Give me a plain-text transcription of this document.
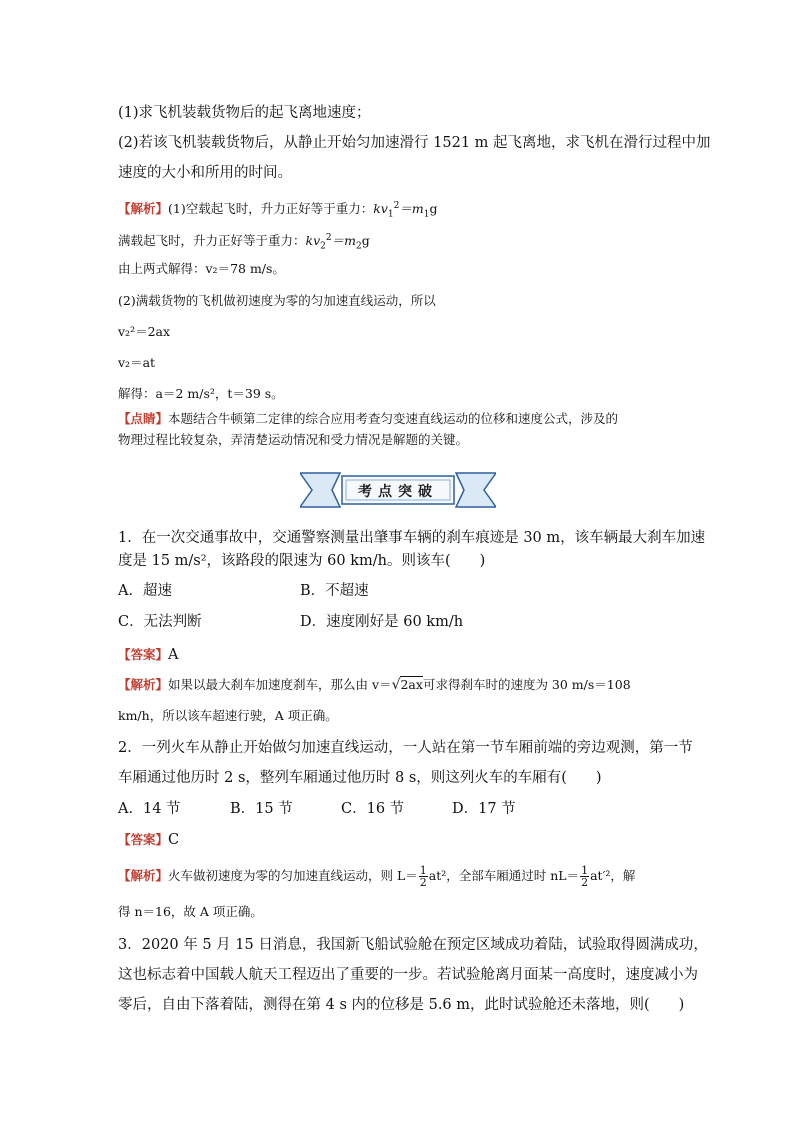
(1)求飞机装载货物后的起飞离地速度；
(2)若该飞机装载货物后，从静止开始匀加速滑行 1521 m 起飞离地，求飞机在滑行过程中加
速度的大小和所用的时间。
【解析】(1)空载起飞时，升力正好等于重力：$kv_1^2=m_1g$
满载起飞时，升力正好等于重力：$kv_2^2=m_2g$
由上两式解得：v₂＝78 m/s。
(2)满载货物的飞机做初速度为零的匀加速直线运动，所以
v₂²＝2ax
v₂＝at
解得：a＝2 m/s²，t＝39 s。
【点睛】本题结合牛顿第二定律的综合应用考查匀变速直线运动的位移和速度公式，涉及的
物理过程比较复杂，弄清楚运动情况和受力情况是解题的关键。
考点突破
1．在一次交通事故中，交通警察测量出肇事车辆的刹车痕迹是 30 m，该车辆最大刹车加速
度是 15 m/s²，该路段的限速为 60 km/h。则该车(　　)
A．超速	B．不超速
C．无法判断	D．速度刚好是 60 km/h
【答案】A
【解析】如果以最大刹车加速度刹车，那么由 v＝√2ax可求得刹车时的速度为 30 m/s＝108
km/h，所以该车超速行驶，A 项正确。
2．一列火车从静止开始做匀加速直线运动，一人站在第一节车厢前端的旁边观测，第一节
车厢通过他历时 2 s，整列车厢通过他历时 8 s，则这列火车的车厢有(　　)
A．14 节	B．15 节	C．16 节	D．17 节
【答案】C
【解析】火车做初速度为零的匀加速直线运动，则 $L= \frac{1}{2} at^2$，全部车厢通过时 $nL= \frac{1}{2} at'^2$，解
得 n＝16，故 A 项正确。
3．2020 年 5 月 15 日消息，我国新飞船试验舱在预定区域成功着陆，试验取得圆满成功，
这也标志着中国载人航天工程迈出了重要的一步。若试验舱离月面某一高度时，速度减小为
零后，自由下落着陆，测得在第 4 s 内的位移是 5.6 m，此时试验舱还未落地，则(　　)
